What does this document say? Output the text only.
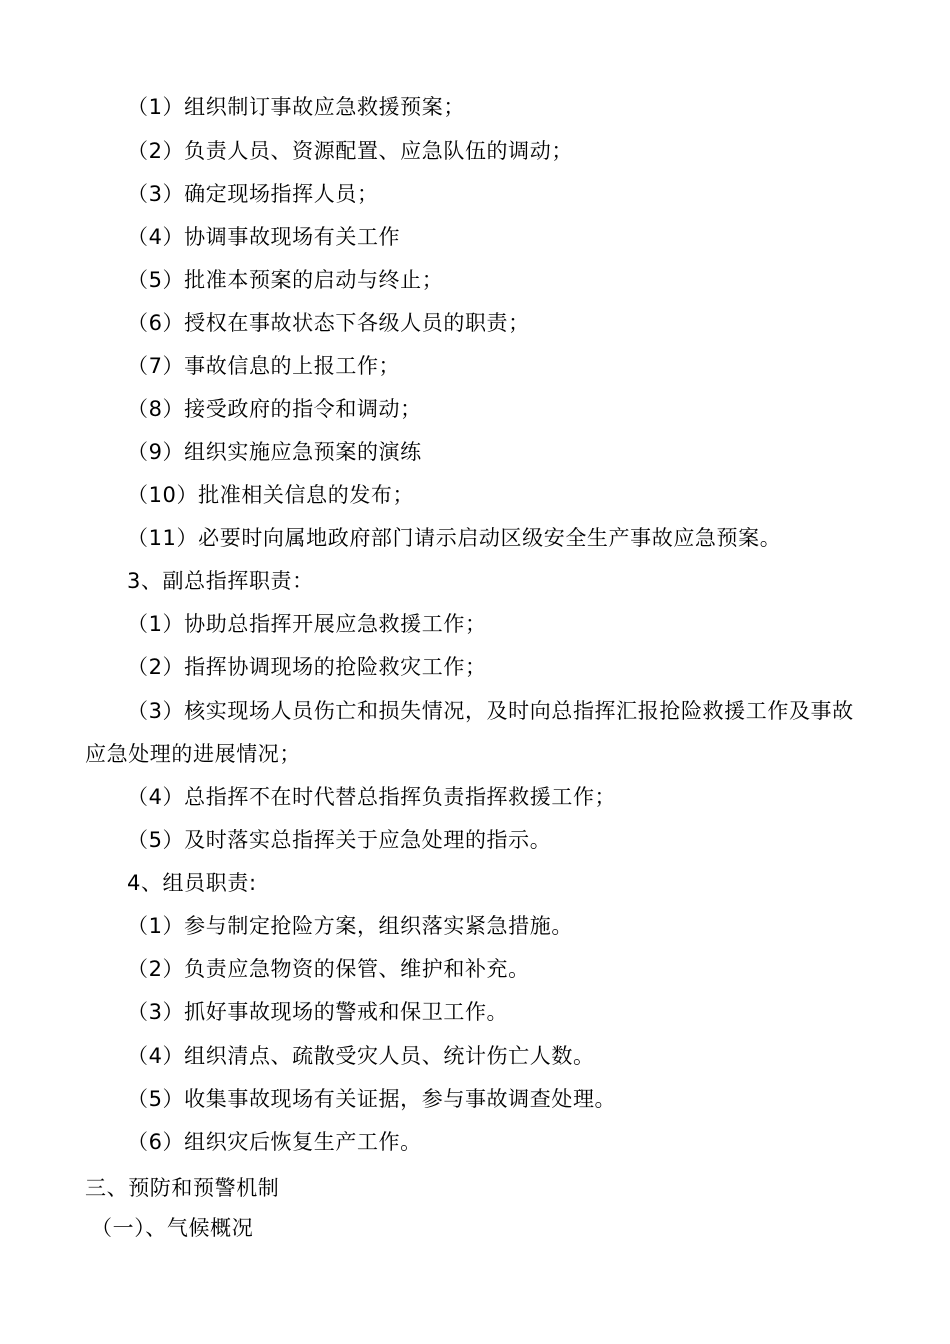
（1）组织制订事故应急救援预案；
（2）负责人员、资源配置、应急队伍的调动；
（3）确定现场指挥人员；
（4）协调事故现场有关工作
（5）批准本预案的启动与终止；
（6）授权在事故状态下各级人员的职责；
（7）事故信息的上报工作；
（8）接受政府的指令和调动；
（9）组织实施应急预案的演练
（10）批准相关信息的发布；
（11）必要时向属地政府部门请示启动区级安全生产事故应急预案。
3、副总指挥职责：
（1）协助总指挥开展应急救援工作；
（2）指挥协调现场的抢险救灾工作；
（3）核实现场人员伤亡和损失情况，及时向总指挥汇报抢险救援工作及事故
应急处理的进展情况；
（4）总指挥不在时代替总指挥负责指挥救援工作；
（5）及时落实总指挥关于应急处理的指示。
4、组员职责:
（1）参与制定抢险方案，组织落实紧急措施。
（2）负责应急物资的保管、维护和补充。
（3）抓好事故现场的警戒和保卫工作。
（4）组织清点、疏散受灾人员、统计伤亡人数。
（5）收集事故现场有关证据，参与事故调查处理。
（6）组织灾后恢复生产工作。
三、预防和预警机制
（一）、气候概况
